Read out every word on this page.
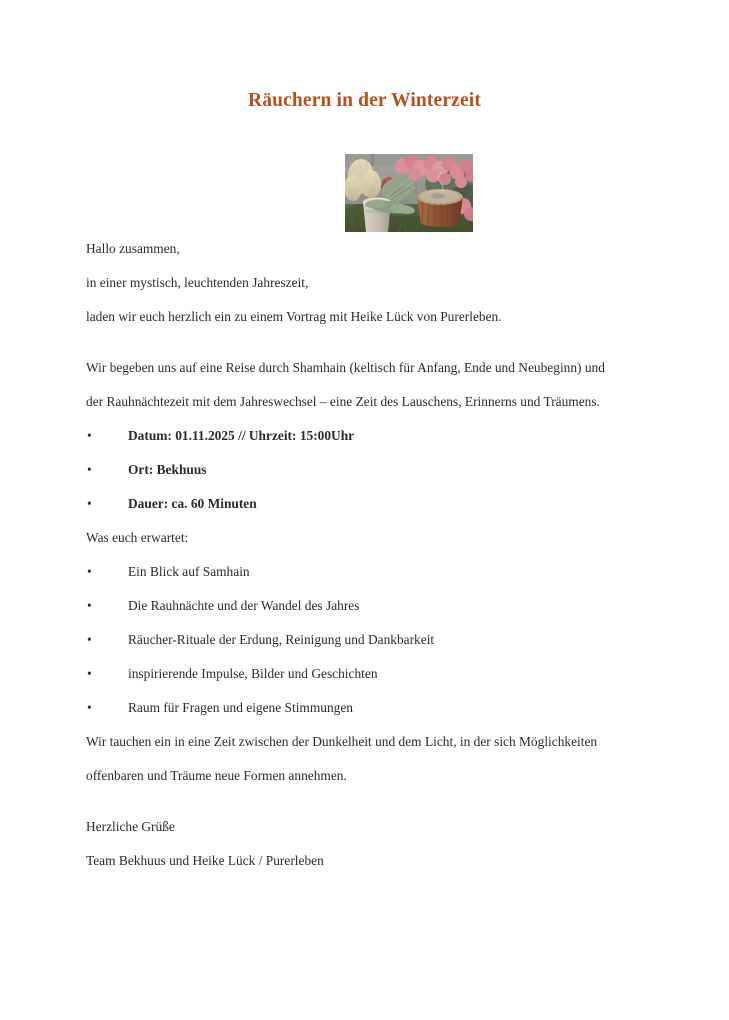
Räuchern in der Winterzeit

Hallo zusammen,

in einer mystisch, leuchtenden Jahreszeit,

laden wir euch herzlich ein zu einem Vortrag mit Heike Lück von Purerleben.

Wir begeben uns auf eine Reise durch Shamhain (keltisch für Anfang, Ende und Neubeginn) und

der Rauhnächtezeit mit dem Jahreswechsel – eine Zeit des Lauschens, Erinnerns und Träumens.

•	Datum: 01.11.2025 // Uhrzeit: 15:00Uhr
•	Ort: Bekhuus
•	Dauer: ca. 60 Minuten

Was euch erwartet:

•	Ein Blick auf Samhain
•	Die Rauhnächte und der Wandel des Jahres
•	Räucher-Rituale der Erdung, Reinigung und Dankbarkeit
•	inspirierende Impulse, Bilder und Geschichten
•	Raum für Fragen und eigene Stimmungen

Wir tauchen ein in eine Zeit zwischen der Dunkelheit und dem Licht, in der sich Möglichkeiten

offenbaren und Träume neue Formen annehmen.

Herzliche Grüße

Team Bekhuus und Heike Lück / Purerleben
